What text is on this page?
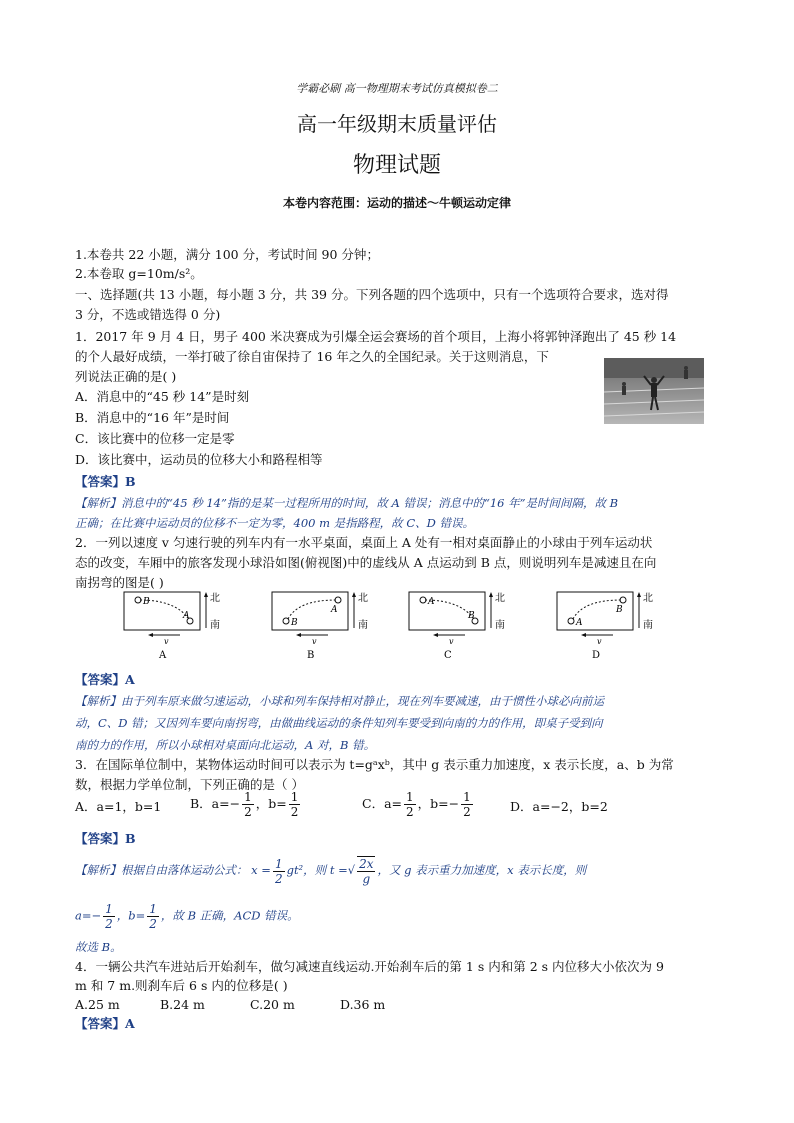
学霸必刷 高一物理期末考试仿真模拟卷二
高一年级期末质量评估
物理试题
本卷内容范围：运动的描述～牛顿运动定律
1.本卷共 22 小题，满分 100 分，考试时间 90 分钟；
2.本卷取 g=10m/s²。
一、选择题(共 13 小题，每小题 3 分，共 39 分。下列各题的四个选项中，只有一个选项符合要求，选对得
3 分，不选或错选得 0 分)
1．2017 年 9 月 4 日，男子 400 米决赛成为引爆全运会赛场的首个项目，上海小将郭钟泽跑出了 45 秒 14
的个人最好成绩，一举打破了徐自宙保持了 16 年之久的全国纪录。关于这则消息，下
列说法正确的是( )
A．消息中的“45 秒 14”是时刻
B．消息中的“16 年”是时间
C．该比赛中的位移一定是零
D．该比赛中，运动员的位移大小和路程相等
【答案】B
【解析】消息中的“45 秒 14”指的是某一过程所用的时间，故 A 错误；消息中的“16 年”是时间间隔，故 B
正确；在比赛中运动员的位移不一定为零，400 m 是指路程，故 C、D 错误。
2．一列以速度 v 匀速行驶的列车内有一水平桌面，桌面上 A 处有一相对桌面静止的小球由于列车运动状
态的改变，车厢中的旅客发现小球沿如图(俯视图)中的虚线从 A 点运动到 B 点，则说明列车是减速且在向
南拐弯的图是( )
B
A
北
南
v
A
B
A
北
南
v
B
A
B
北
南
v
C
A
B
北
南
v
D
【答案】A
【解析】由于列车原来做匀速运动，小球和列车保持相对静止，现在列车要减速，由于惯性小球必向前运
动，C、D 错；又因列车要向南拐弯，由做曲线运动的条件知列车要受到向南的力的作用，即桌子受到向
南的力的作用，所以小球相对桌面向北运动，A 对，B 错。
3．在国际单位制中，某物体运动时间可以表示为 t=gᵃxᵇ，其中 g 表示重力加速度，x 表示长度，a、b 为常
数，根据力学单位制，下列正确的是（ ）
A．a=1，b=1 B．$a=- \frac{1}{2}$ ，$b= \frac{1}{2}$	C．$a= \frac{1}{2}$ ，$b=- \frac{1}{2}$	D．a=−2，b=2
【答案】B
【解析】根据自由落体运动公式： $x = \frac{1}{2} gt^2$，则 t =√ $\frac{2x}{g}$ ，又 g 表示重力加速度，x 表示长度，则
$a=- \frac{1}{2}$ ，$b= \frac{1}{2}$ ，故 B 正确，ACD 错误。
故选 B。
4．一辆公共汽车进站后开始刹车，做匀减速直线运动.开始刹车后的第 1 s 内和第 2 s 内位移大小依次为 9
m 和 7 m.则刹车后 6 s 内的位移是( )
A.25 m	B.24 m	C.20 m	D.36 m
【答案】A
